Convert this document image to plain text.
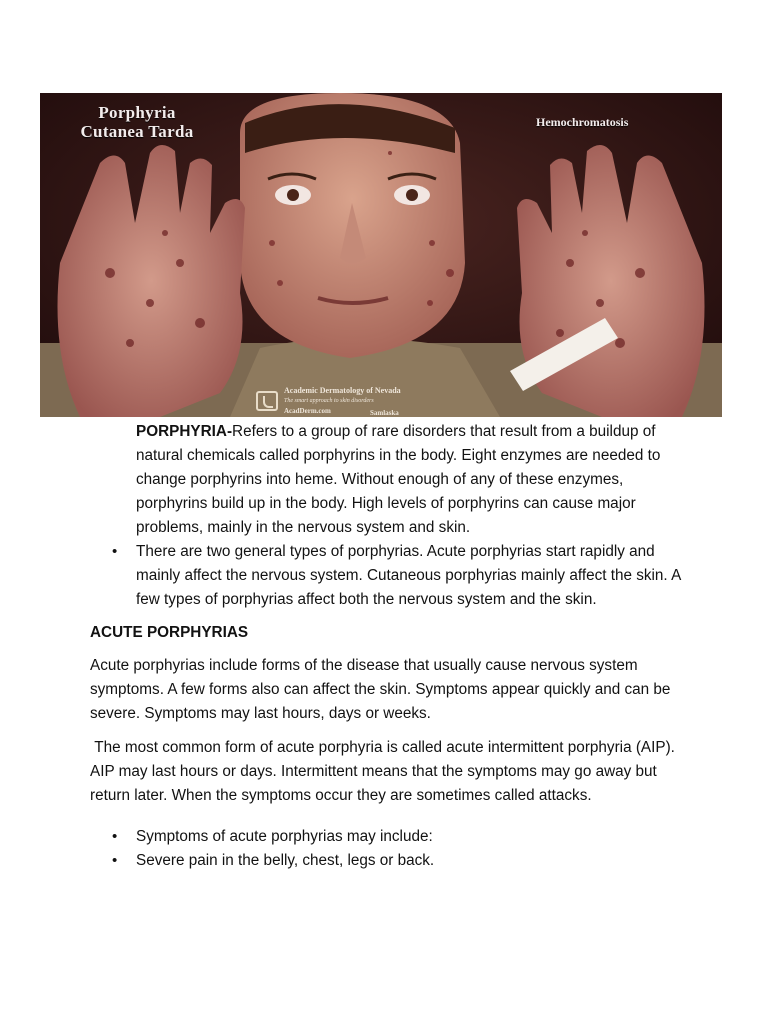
Porphyria
Cutanea Tarda	Hemochromatosis
Academic Dermatology of Nevada
The smart approach to skin disorders
AcadDerm.com	Samlaska
PORPHYRIA-Refers to a group of rare disorders that result from a buildup of natural chemicals called porphyrins in the body. Eight enzymes are needed to change porphyrins into heme. Without enough of any of these enzymes, porphyrins build up in the body. High levels of porphyrins can cause major problems, mainly in the nervous system and skin.
• There are two general types of porphyrias. Acute porphyrias start rapidly and mainly affect the nervous system. Cutaneous porphyrias mainly affect the skin. A few types of porphyrias affect both the nervous system and the skin.
ACUTE PORPHYRIAS
Acute porphyrias include forms of the disease that usually cause nervous system symptoms. A few forms also can affect the skin. Symptoms appear quickly and can be severe. Symptoms may last hours, days or weeks.
The most common form of acute porphyria is called acute intermittent porphyria (AIP). AIP may last hours or days. Intermittent means that the symptoms may go away but return later. When the symptoms occur they are sometimes called attacks.
• Symptoms of acute porphyrias may include:
• Severe pain in the belly, chest, legs or back.
